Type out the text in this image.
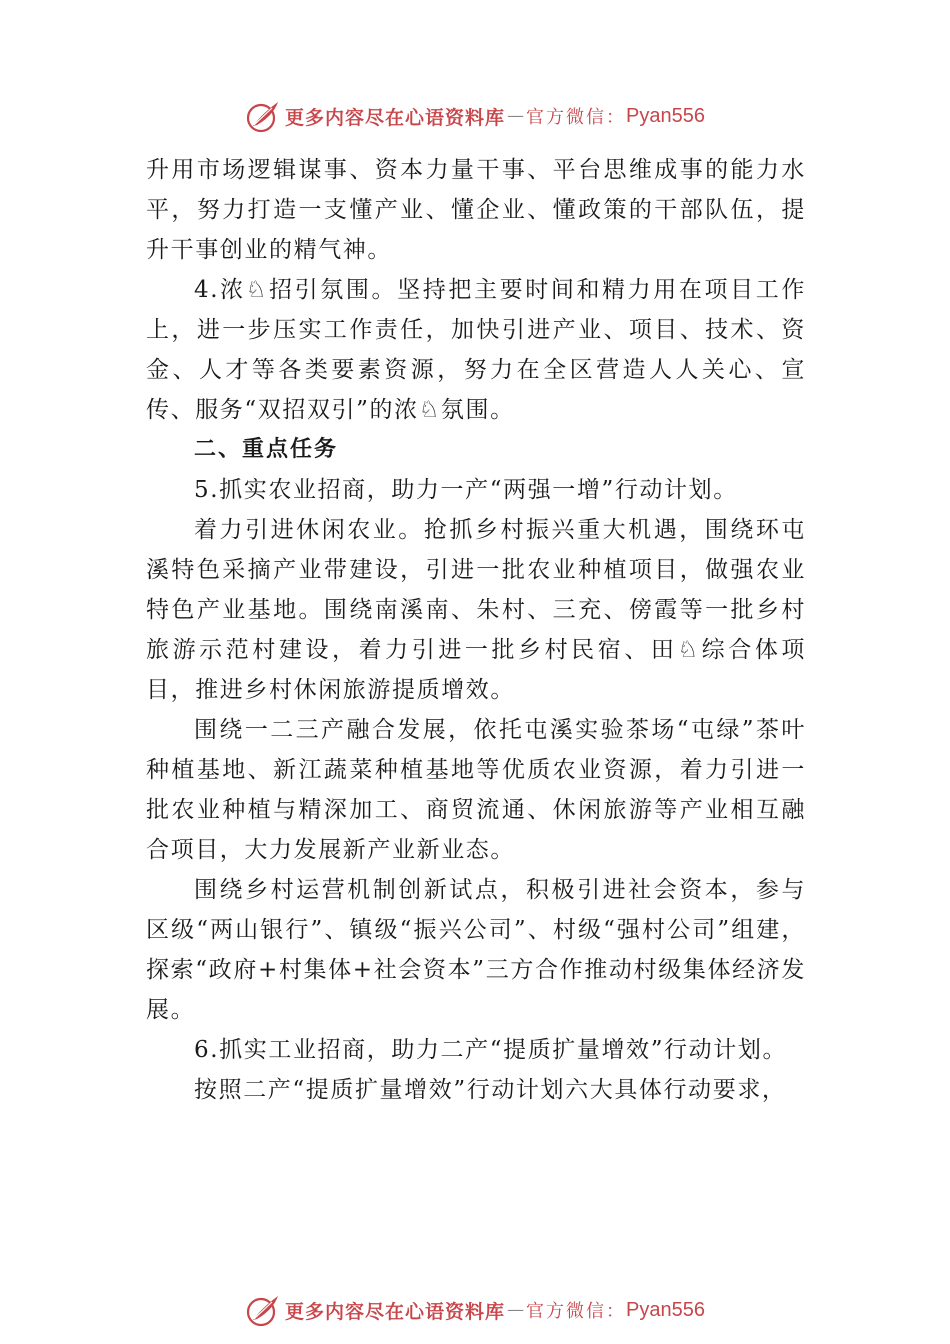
更多内容尽在心语资料库 — 官方微信： Pyan556

升用市场逻辑谋事、资本力量干事、平台思维成事的能力水平，努力打造一支懂产业、懂企业、懂政策的干部队伍，提升干事创业的精气神。

4.浓♘招引氛围。坚持把主要时间和精力用在项目工作上，进一步压实工作责任，加快引进产业、项目、技术、资金、人才等各类要素资源，努力在全区营造人人关心、宣传、服务“双招双引”的浓♘氛围。

二、重点任务

5.抓实农业招商，助力一产“两强一增”行动计划。

着力引进休闲农业。抢抓乡村振兴重大机遇，围绕环屯溪特色采摘产业带建设，引进一批农业种植项目，做强农业特色产业基地。围绕南溪南、朱村、三充、傍霞等一批乡村旅游示范村建设，着力引进一批乡村民宿、田♘综合体项目，推进乡村休闲旅游提质增效。

围绕一二三产融合发展，依托屯溪实验茶场“屯绿”茶叶种植基地、新江蔬菜种植基地等优质农业资源，着力引进一批农业种植与精深加工、商贸流通、休闲旅游等产业相互融合项目，大力发展新产业新业态。

围绕乡村运营机制创新试点，积极引进社会资本，参与区级“两山银行”、镇级“振兴公司”、村级“强村公司”组建，探索“政府+村集体+社会资本”三方合作推动村级集体经济发展。

6.抓实工业招商，助力二产“提质扩量增效”行动计划。

按照二产“提质扩量增效”行动计划六大具体行动要求，

更多内容尽在心语资料库 — 官方微信： Pyan556
